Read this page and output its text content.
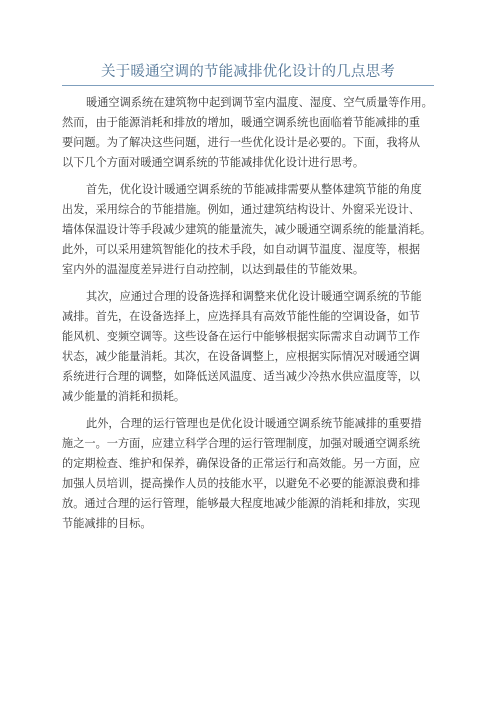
关于暖通空调的节能减排优化设计的几点思考

暖通空调系统在建筑物中起到调节室内温度、湿度、空气质量等作用。
然而，由于能源消耗和排放的增加，暖通空调系统也面临着节能减排的重
要问题。为了解决这些问题，进行一些优化设计是必要的。下面，我将从
以下几个方面对暖通空调系统的节能减排优化设计进行思考。

首先，优化设计暖通空调系统的节能减排需要从整体建筑节能的角度
出发，采用综合的节能措施。例如，通过建筑结构设计、外窗采光设计、
墙体保温设计等手段减少建筑的能量流失，减少暖通空调系统的能量消耗。
此外，可以采用建筑智能化的技术手段，如自动调节温度、湿度等，根据
室内外的温湿度差异进行自动控制，以达到最佳的节能效果。

其次，应通过合理的设备选择和调整来优化设计暖通空调系统的节能
减排。首先，在设备选择上，应选择具有高效节能性能的空调设备，如节
能风机、变频空调等。这些设备在运行中能够根据实际需求自动调节工作
状态，减少能量消耗。其次，在设备调整上，应根据实际情况对暖通空调
系统进行合理的调整，如降低送风温度、适当减少冷热水供应温度等，以
减少能量的消耗和损耗。

此外，合理的运行管理也是优化设计暖通空调系统节能减排的重要措
施之一。一方面，应建立科学合理的运行管理制度，加强对暖通空调系统
的定期检查、维护和保养，确保设备的正常运行和高效能。另一方面，应
加强人员培训，提高操作人员的技能水平，以避免不必要的能源浪费和排
放。通过合理的运行管理，能够最大程度地减少能源的消耗和排放，实现
节能减排的目标。
